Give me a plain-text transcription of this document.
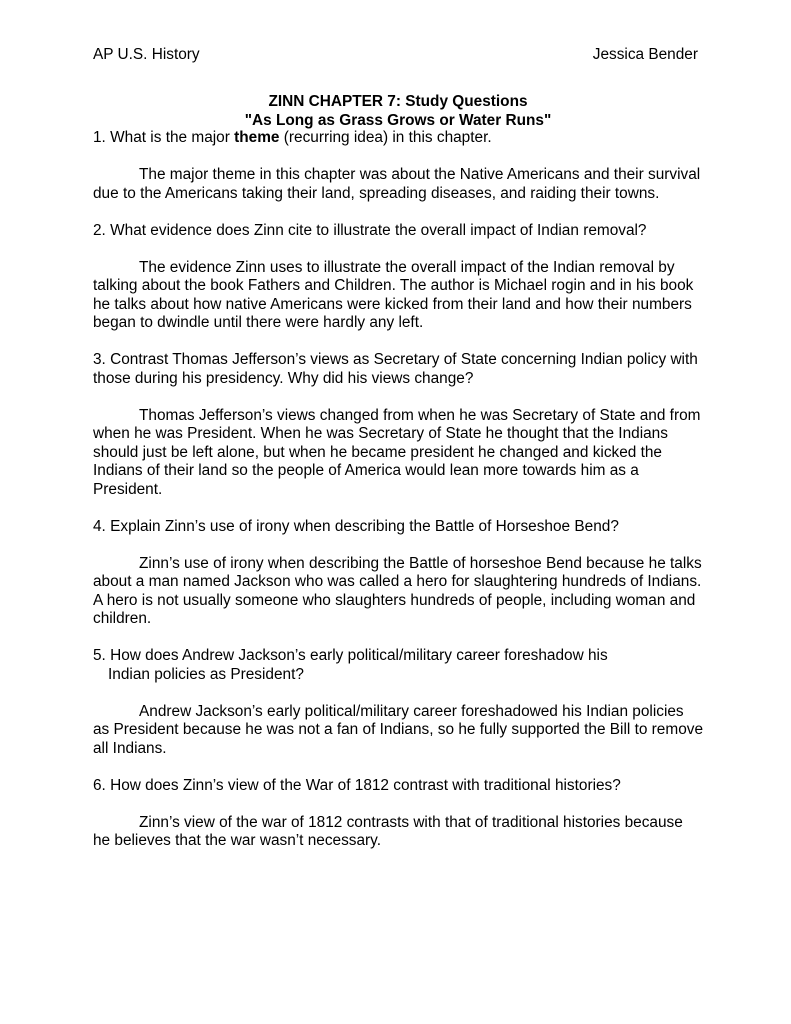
AP U.S. History	Jessica Bender
ZINN CHAPTER 7: Study Questions
"As Long as Grass Grows or Water Runs"

1. What is the major theme (recurring idea) in this chapter.

The major theme in this chapter was about the Native Americans and their survival due to the Americans taking their land, spreading diseases, and raiding their towns.

2. What evidence does Zinn cite to illustrate the overall impact of Indian removal?

The evidence Zinn uses to illustrate the overall impact of the Indian removal by talking about the book Fathers and Children. The author is Michael rogin and in his book he talks about how native Americans were kicked from their land and how their numbers began to dwindle until there were hardly any left.

3. Contrast Thomas Jefferson’s views as Secretary of State concerning Indian policy with those during his presidency. Why did his views change?

Thomas Jefferson’s views changed from when he was Secretary of State and from when he was President. When he was Secretary of State he thought that the Indians should just be left alone, but when he became president he changed and kicked the Indians of their land so the people of America would lean more towards him as a President.

4. Explain Zinn’s use of irony when describing the Battle of Horseshoe Bend?

Zinn’s use of irony when describing the Battle of horseshoe Bend because he talks about a man named Jackson who was called a hero for slaughtering hundreds of Indians. A hero is not usually someone who slaughters hundreds of people, including woman and children.

5. How does Andrew Jackson’s early political/military career foreshadow his
Indian policies as President?

Andrew Jackson’s early political/military career foreshadowed his Indian policies as President because he was not a fan of Indians, so he fully supported the Bill to remove all Indians.

6. How does Zinn’s view of the War of 1812 contrast with traditional histories?

Zinn’s view of the war of 1812 contrasts with that of traditional histories because he believes that the war wasn’t necessary.
